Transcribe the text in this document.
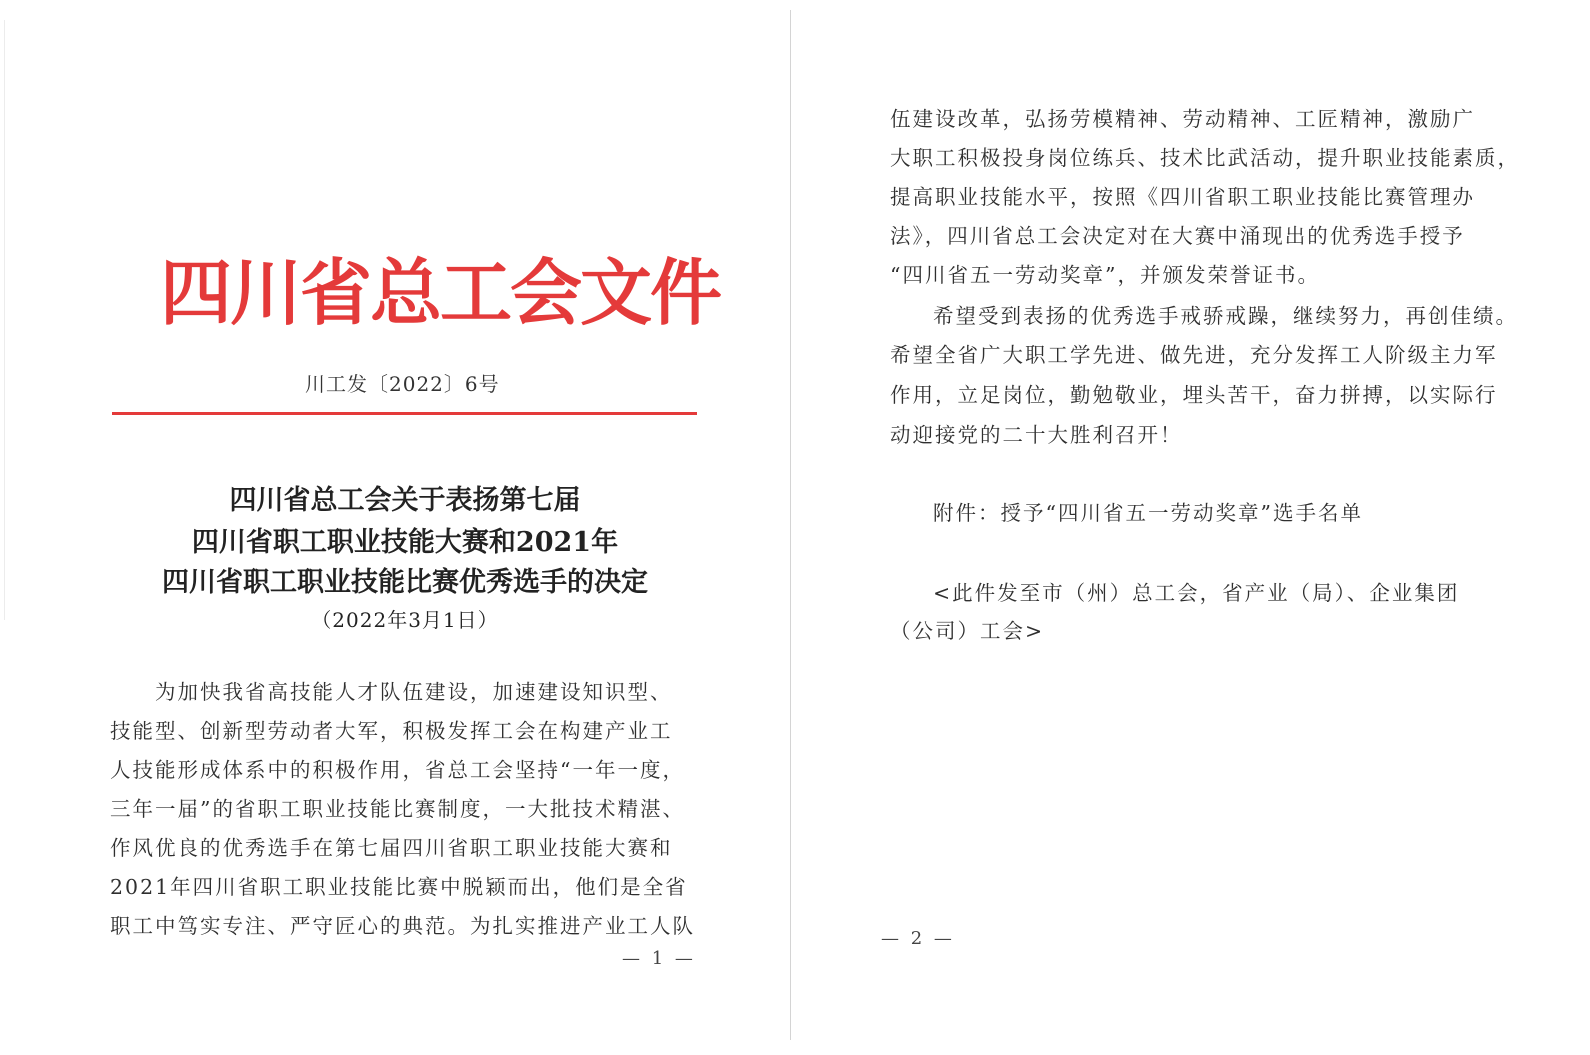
四川省总工会文件
川工发〔2022〕6号
四川省总工会关于表扬第七届
四川省职工职业技能大赛和2021年
四川省职工职业技能比赛优秀选手的决定
（2022年3月1日）
为加快我省高技能人才队伍建设，加速建设知识型、
技能型、创新型劳动者大军，积极发挥工会在构建产业工
人技能形成体系中的积极作用，省总工会坚持“一年一度，
三年一届”的省职工职业技能比赛制度，一大批技术精湛、
作风优良的优秀选手在第七届四川省职工职业技能大赛和
2021年四川省职工职业技能比赛中脱颖而出，他们是全省
职工中笃实专注、严守匠心的典范。为扎实推进产业工人队
— 1 —
伍建设改革，弘扬劳模精神、劳动精神、工匠精神，激励广
大职工积极投身岗位练兵、技术比武活动，提升职业技能素质，
提高职业技能水平，按照《四川省职工职业技能比赛管理办
法》，四川省总工会决定对在大赛中涌现出的优秀选手授予
“四川省五一劳动奖章”，并颁发荣誉证书。
希望受到表扬的优秀选手戒骄戒躁，继续努力，再创佳绩。
希望全省广大职工学先进、做先进，充分发挥工人阶级主力军
作用，立足岗位，勤勉敬业，埋头苦干，奋力拼搏，以实际行
动迎接党的二十大胜利召开！
附件：授予“四川省五一劳动奖章”选手名单
<此件发至市（州）总工会，省产业（局）、企业集团
（公司）工会>
— 2 —
